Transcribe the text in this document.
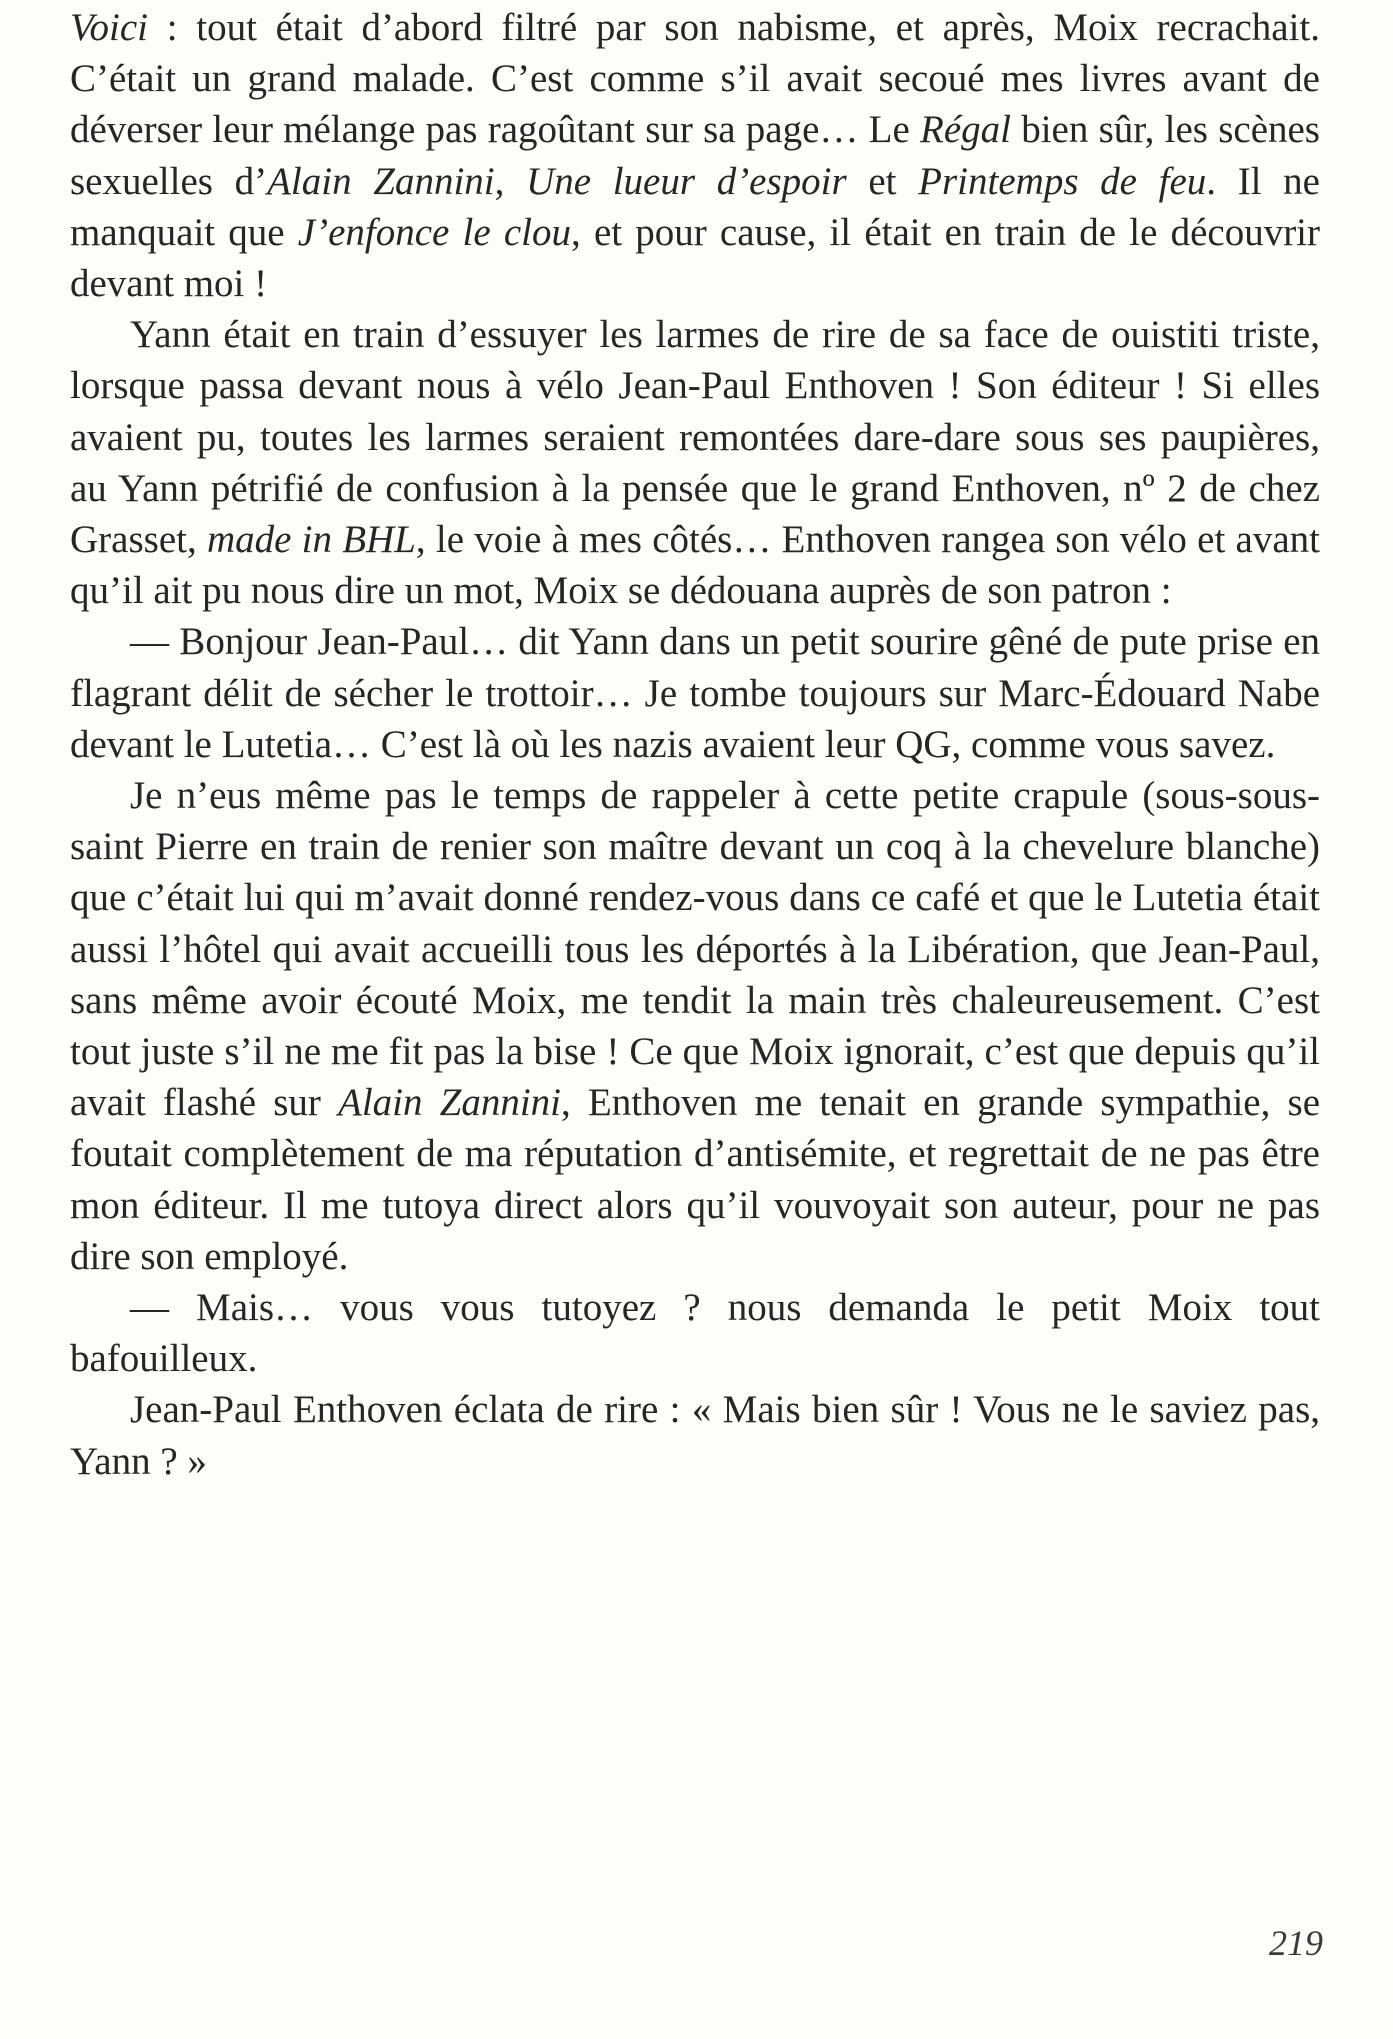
Voici : tout était d’abord filtré par son nabisme, et après, Moix recrachait. C’était un grand malade. C’est comme s’il avait secoué mes livres avant de déverser leur mélange pas ragoûtant sur sa page… Le Régal bien sûr, les scènes sexuelles d’Alain Zannini, Une lueur d’espoir et Printemps de feu. Il ne manquait que J’enfonce le clou, et pour cause, il était en train de le découvrir devant moi !

Yann était en train d’essuyer les larmes de rire de sa face de ouistiti triste, lorsque passa devant nous à vélo Jean-Paul Enthoven ! Son éditeur ! Si elles avaient pu, toutes les larmes seraient remontées dare-dare sous ses paupières, au Yann pétrifié de confusion à la pensée que le grand Enthoven, nº 2 de chez Grasset, made in BHL, le voie à mes côtés… Enthoven rangea son vélo et avant qu’il ait pu nous dire un mot, Moix se dédouana auprès de son patron :

— Bonjour Jean-Paul… dit Yann dans un petit sourire gêné de pute prise en flagrant délit de sécher le trottoir… Je tombe toujours sur Marc-Édouard Nabe devant le Lutetia… C’est là où les nazis avaient leur QG, comme vous savez.

Je n’eus même pas le temps de rappeler à cette petite crapule (sous-sous-saint Pierre en train de renier son maître devant un coq à la chevelure blanche) que c’était lui qui m’avait donné rendez-vous dans ce café et que le Lutetia était aussi l’hôtel qui avait accueilli tous les déportés à la Libération, que Jean-Paul, sans même avoir écouté Moix, me tendit la main très chaleureusement. C’est tout juste s’il ne me fit pas la bise ! Ce que Moix ignorait, c’est que depuis qu’il avait flashé sur Alain Zannini, Enthoven me tenait en grande sympathie, se foutait complètement de ma réputation d’antisémite, et regrettait de ne pas être mon éditeur. Il me tutoya direct alors qu’il vouvoyait son auteur, pour ne pas dire son employé.

— Mais… vous vous tutoyez ? nous demanda le petit Moix tout bafouilleux.

Jean-Paul Enthoven éclata de rire : « Mais bien sûr ! Vous ne le saviez pas, Yann ? »

219
